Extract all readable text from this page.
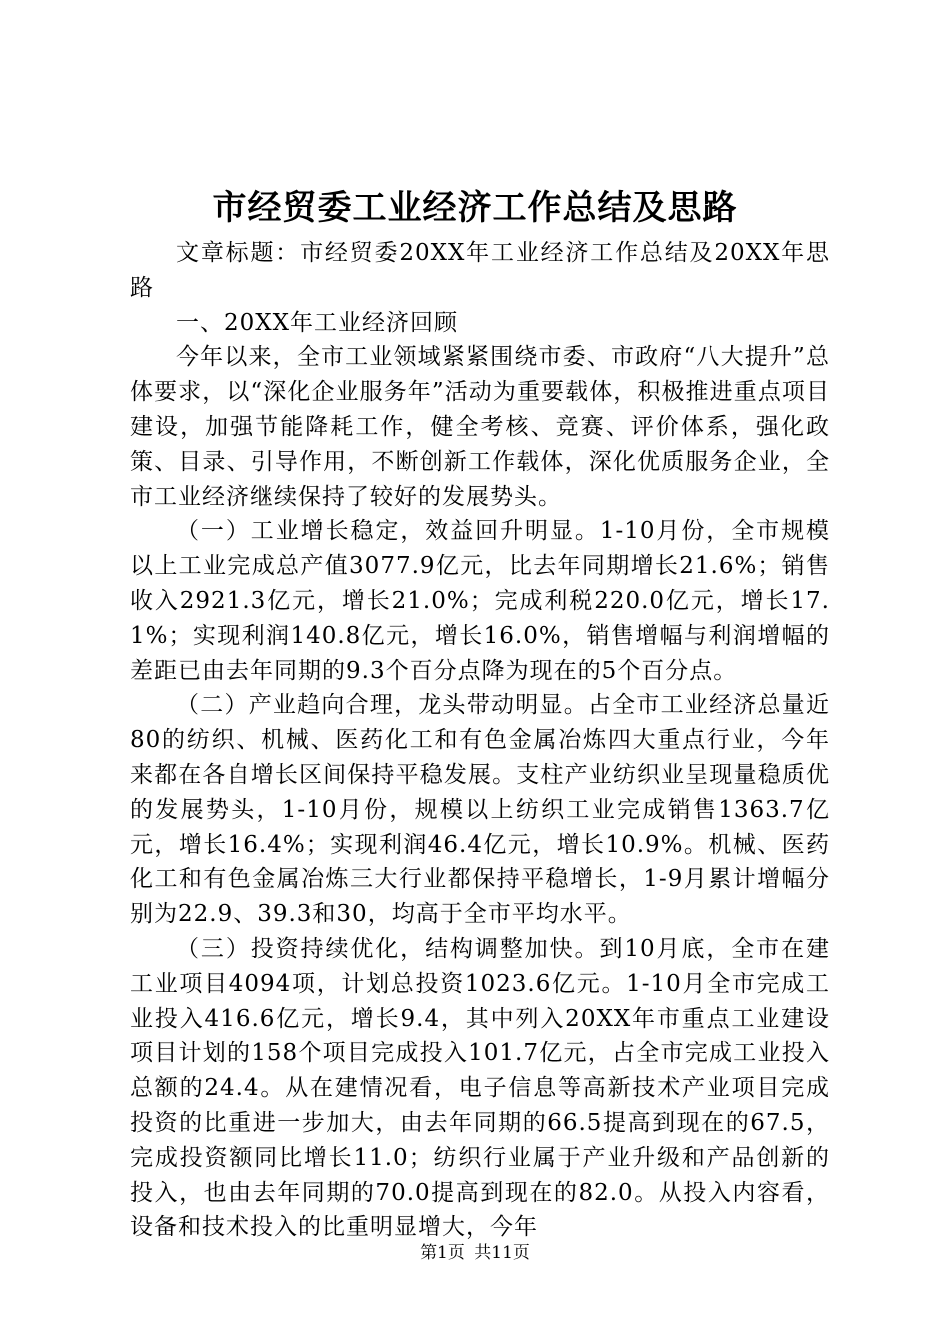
市经贸委工业经济工作总结及思路

文章标题：市经贸委20XX年工业经济工作总结及20XX年思路

一、20XX年工业经济回顾

今年以来，全市工业领域紧紧围绕市委、市政府“八大提升”总体要求，以“深化企业服务年”活动为重要载体，积极推进重点项目建设，加强节能降耗工作，健全考核、竞赛、评价体系，强化政策、目录、引导作用，不断创新工作载体，深化优质服务企业，全市工业经济继续保持了较好的发展势头。

（一）工业增长稳定，效益回升明显。1-10月份，全市规模以上工业完成总产值3077.9亿元，比去年同期增长21.6%；销售收入2921.3亿元，增长21.0%；完成利税220.0亿元，增长17.1%；实现利润140.8亿元，增长16.0%，销售增幅与利润增幅的差距已由去年同期的9.3个百分点降为现在的5个百分点。

（二）产业趋向合理，龙头带动明显。占全市工业经济总量近80的纺织、机械、医药化工和有色金属冶炼四大重点行业，今年来都在各自增长区间保持平稳发展。支柱产业纺织业呈现量稳质优的发展势头，1-10月份，规模以上纺织工业完成销售1363.7亿元，增长16.4%；实现利润46.4亿元，增长10.9%。机械、医药化工和有色金属冶炼三大行业都保持平稳增长，1-9月累计增幅分别为22.9、39.3和30，均高于全市平均水平。

（三）投资持续优化，结构调整加快。到10月底，全市在建工业项目4094项，计划总投资1023.6亿元。1-10月全市完成工业投入416.6亿元，增长9.4，其中列入20XX年市重点工业建设项目计划的158个项目完成投入101.7亿元，占全市完成工业投入总额的24.4。从在建情况看，电子信息等高新技术产业项目完成投资的比重进一步加大，由去年同期的66.5提高到现在的67.5，完成投资额同比增长11.0；纺织行业属于产业升级和产品创新的投入，也由去年同期的70.0提高到现在的82.0。从投入内容看，设备和技术投入的比重明显增大，今年

第1页 共11页
